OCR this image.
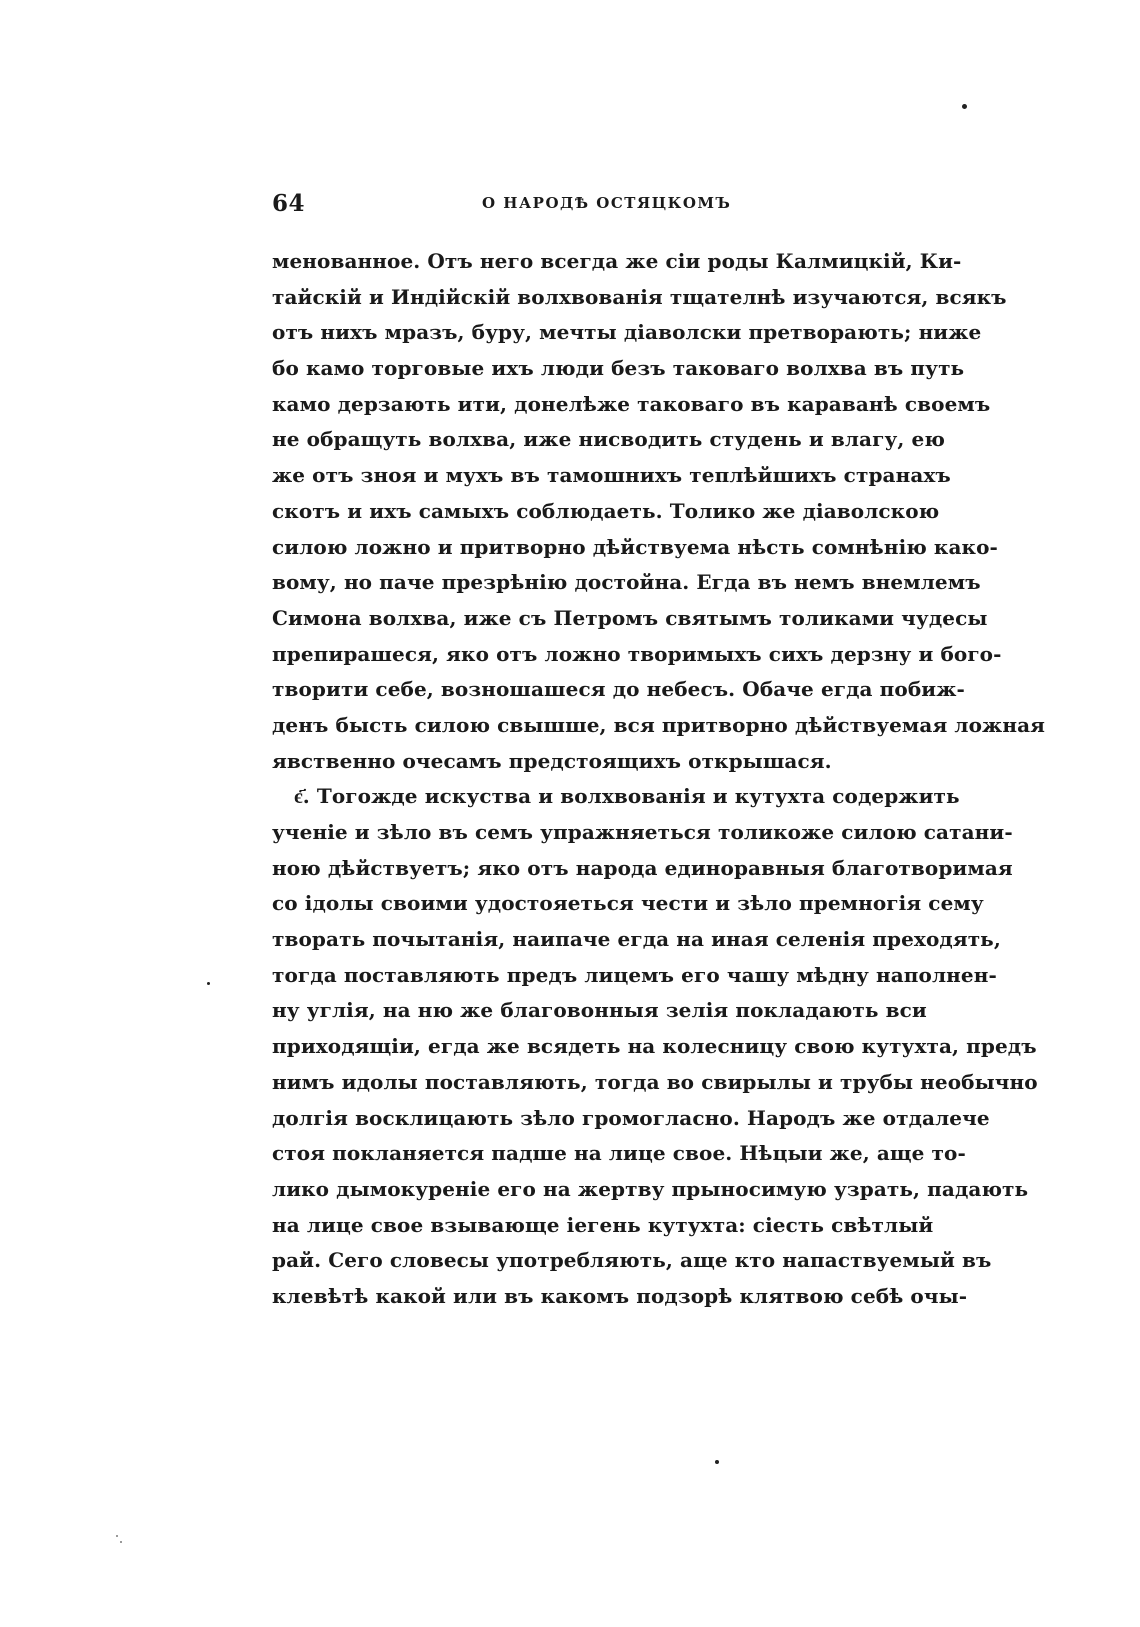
64	О НАРОДѢ ОСТЯЦКОМЪ
менованное. Отъ него всегда же сіи роды Калмицкій, Ки-
тайскій и Индійскій волхвованія тщателнѣ изучаются, всякъ
отъ нихъ мразъ, буру, мечты діаволски претворають; ниже
бо камо торговые ихъ люди безъ таковаго волхва въ путь
камо дерзають ити, донелѣже таковаго въ караванѣ своемъ
не обращуть волхва, иже нисводить студень и влагу, ею
же отъ зноя и мухъ въ тамошнихъ теплѣйшихъ странахъ
скотъ и ихъ самыхъ соблюдаеть. Толико же діаволскою
силою ложно и притворно дѣйствуема нѣсть сомнѣнію како-
вому, но паче презрѣнію достойна. Егда въ немъ внемлемъ
Симона волхва, иже съ Петромъ святымъ толиками чудесы
препирашеся, яко отъ ложно творимыхъ сихъ дерзну и бого-
творити себе, возношашеся до небесъ. Обаче егда побиж-
денъ бысть силою свышше, вся притворно дѣйствуемая ложная
явственно очесамъ предстоящихъ открышася.
є҃. Тогожде искуства и волхвованія и кутухта содержить
ученіе и зѣло въ семъ упражняеться толикоже силою сатани-
ною дѣйствуетъ; яко отъ народа единоравныя благотворимая
со ідолы своими удостояеться чести и зѣло премногія сему
творать почытанія, наипаче егда на иная селенія преходять,
тогда поставляють предъ лицемъ его чашу мѣдну наполнен-
ну углія, на ню же благовонныя зелія покладають вси
приходящіи, егда же всядеть на колесницу свою кутухта, предъ
нимъ идолы поставляють, тогда во свирылы и трубы необычно
долгія восклицають зѣло громогласно. Народъ же отдалече
стоя покланяется падше на лице свое. Нѣцыи же, аще то-
лико дымокуреніе его на жертву прыносимую узрать, падають
на лице свое взывающе іегень кутухта: сіесть свѣтлый
рай. Сего словесы употребляють, аще кто напаствуемый въ
клевѣтѣ какой или въ какомъ подзорѣ клятвою себѣ очы-
